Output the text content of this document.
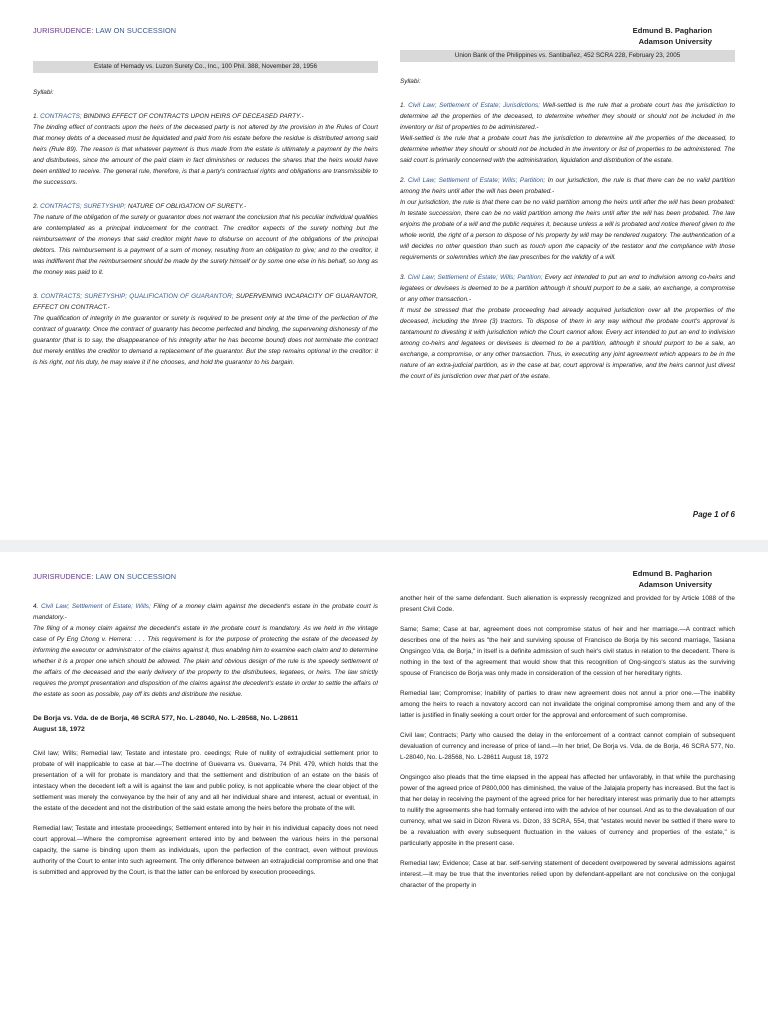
JURISRUDENCE: LAW ON SUCCESSION	Edmund B. Pagharion
Adamson University
Estate of Hemady vs. Luzon Surety Co., Inc., 100 Phil. 388, November 28, 1956
Union Bank of the Philippines vs. Santibañez, 452 SCRA 228, February 23, 2005

Syllabi:

1. CONTRACTS; BINDING EFFECT OF CONTRACTS UPON HEIRS OF DECEASED PARTY.-

The binding effect of contracts upon the heirs of the deceased party is not altered by the provision in the Rules of Court that money debts of a deceased must be liquidated and paid from his estate before the residue is distributed among said heirs (Rule 89). The reason is that whatever payment is thus made from the estate is ultimately a payment by the heirs and distributees, since the amount of the paid claim in fact diminishes or reduces the shares that the heirs would have been entitled to receive. The general rule, therefore, is that a party's contractual rights and obligations are transmissible to the successors.

2. CONTRACTS; SURETYSHIP; NATURE OF OBLIGATION OF SURETY.-

The nature of the obligation of the surety or guarantor does not warrant the conclusion that his peculiar individual qualities are contemplated as a principal inducement for the contract. The creditor expects of the surety nothing but the reimbursement of the moneys that said creditor might have to disburse on account of the obligations of the principal debtors. This reimbursement is a payment of a sum of money, resulting from an obligation to give; and to the creditor, it was indifferent that the reimbursement should be made by the surety himself or by some one else in his behalf, so long as the money was paid to it.

3. CONTRACTS; SURETYSHIP; QUALIFICATION OF GUARANTOR; SUPERVENING INCAPACITY OF GUARANTOR, EFFECT ON CONTRACT.-

The qualification of integrity in the guarantor or surety is required to be present only at the time of the perfection of the contract of guaranty. Once the contract of guaranty has become perfected and binding, the supervening dishonesty of the guarantor (that is to say, the disappearance of his integrity after he has become bound) does not terminate the contract but merely entitles the creditor to demand a replacement of the guarantor. But the step remains optional in the creditor: it is his right, not his duty, he may waive it if he chooses, and hold the guarantor to his bargain.

Syllabi:

1. Civil Law; Settlement of Estate; Jurisdictions; Well-settled is the rule that a probate court has the jurisdiction to determine all the properties of the deceased, to determine whether they should or should not be included in the inventory or list of properties to be administered.-

Well-settled is the rule that a probate court has the jurisdiction to determine all the properties of the deceased, to determine whether they should or should not be included in the inventory or list of properties to be administered. The said court is primarily concerned with the administration, liquidation and distribution of the estate.

2. Civil Law; Settlement of Estate; Wills; Partition; In our jurisdiction, the rule is that there can be no valid partition among the heirs until after the will has been probated.-

In our jurisdiction, the rule is that there can be no valid partition among the heirs until after the will has been probated: In testate succession, there can be no valid partition among the heirs until after the will has been probated. The law enjoins the probate of a will and the public requires it, because unless a will is probated and notice thereof given to the whole world, the right of a person to dispose of his property by will may be rendered nugatory. The authentication of a will decides no other question than such as touch upon the capacity of the testator and the compliance with those requirements or solemnities which the law prescribes for the validity of a will.

3. Civil Law; Settlement of Estate; Wills; Partition; Every act intended to put an end to indivision among co-heirs and legatees or devisees is deemed to be a partition although it should purport to be a sale, an exchange, a compromise or any other transaction.-

It must be stressed that the probate proceeding had already acquired jurisdiction over all the properties of the deceased, including the three (3) tractors. To dispose of them in any way without the probate court's approval is tantamount to divesting it with jurisdiction which the Court cannot allow. Every act intended to put an end to indivision among co-heirs and legatees or devisees is deemed to be a partition, although it should purport to be a sale, an exchange, a compromise, or any other transaction. Thus, in executing any joint agreement which appears to be in the nature of an extra-judicial partition, as in the case at bar, court approval is imperative, and the heirs cannot just divest the court of its jurisdiction over that part of the estate.

Page 1 of 6
JURISRUDENCE: LAW ON SUCCESSION	Edmund B. Pagharion
Adamson University

4. Civil Law; Settlement of Estate; Wills; Filing of a money claim against the decedent's estate in the probate court is mandatory.-

The filing of a money claim against the decedent's estate in the probate court is mandatory. As we held in the vintage case of Py Eng Chong v. Herrera: . . . This requirement is for the purpose of protecting the estate of the deceased by informing the executor or administrator of the claims against it, thus enabling him to examine each claim and to determine whether it is a proper one which should be allowed. The plain and obvious design of the rule is the speedy settlement of the affairs of the deceased and the early delivery of the property to the distributees, legatees, or heirs. The law strictly requires the prompt presentation and disposition of the claims against the decedent's estate in order to settle the affairs of the estate as soon as possible, pay off its debts and distribute the residue.

De Borja vs. Vda. de de Borja, 46 SCRA 577, No. L-28040, No. L-28568, No. L-28611

August 18, 1972

Civil law; Wills; Remedial law; Testate and intestate pro. ceedings; Rule of nullity of extrajudicial settlement prior to probate of will inapplicable to case at bar.—The doctrine of Guevarra vs. Guevarra, 74 Phil. 479, which holds that the presentation of a will for probate is mandatory and that the settlement and distribution of an estate on the basis of intestacy when the decedent left a will is against the law and public policy, is not applicable where the clear object of the settlement was merely the conveyance by the heir of any and all her individual share and interest, actual or eventual, in the estate of the decedent and not the distribution of the said estate among the heirs before the probate of the will.

Remedial law; Testate and intestate proceedings; Settlement entered into by heir in his individual capacity does not need court approval.—Where the compromise agreement entered into by and between the various heirs in the personal capacity, the same is binding upon them as individuals, upon the perfection of the contract, even without previous authority of the Court to enter into such agreement. The only difference between an extrajudicial compromise and one that is submitted and approved by the Court, is that the latter can be enforced by execution proceedings.

another heir of the same defendant. Such alienation is expressly recognized and provided for by Article 1088 of the present Civil Code.

Same; Same; Case at bar, agreement does not compromise status of heir and her marriage.—A contract which describes one of the heirs as "the heir and surviving spouse of Francisco de Borja by his second marriage, Tasiana Ongsingco Vda. de Borja," in itself is a definite admission of such heir's civil status in relation to the decedent. There is nothing in the text of the agreement that would show that this recognition of Ong-singco's status as the surviving spouse of Francisco de Borja was only made in consideration of the cession of her hereditary rights.

Remedial law; Compromise; Inability of parties to draw new agreement does not annul a prior one.—The inability among the heirs to reach a novatory accord can not invalidate the original compromise among them and any of the latter is justified in finally seeking a court order for the approval and enforcement of such compromise.

Civil law; Contracts; Party who caused the delay in the enforcement of a contract cannot complain of subsequent devaluation of currency and increase of price of land.—In her brief, De Borja vs. Vda. de de Borja, 46 SCRA 577, No. L-28040, No. L-28568, No. L-28611 August 18, 1972

Ongsingco also pleads that the time elapsed in the appeal has affected her unfavorably, in that while the purchasing power of the agreed price of P800,000 has diminished, the value of the Jalajala property has increased. But the fact is that her delay in receiving the payment of the agreed price for her hereditary interest was primarily due to her attempts to nullify the agreements she had formally entered into with the advice of her counsel. And as to the devaluation of our currency, what we said in Dizon Rivera vs. Dizon, 33 SCRA, 554, that "estates would never be settled if there were to be a revaluation with every subsequent fluctuation in the values of currency and properties of the estate," is particularly apposite in the present case.

Remedial law; Evidence; Case at bar. self-serving statement of decedent overpowered by several admissions against interest.—It may be true that the inventories relied upon by defendant-appellant are not conclusive on the conjugal character of the property in
